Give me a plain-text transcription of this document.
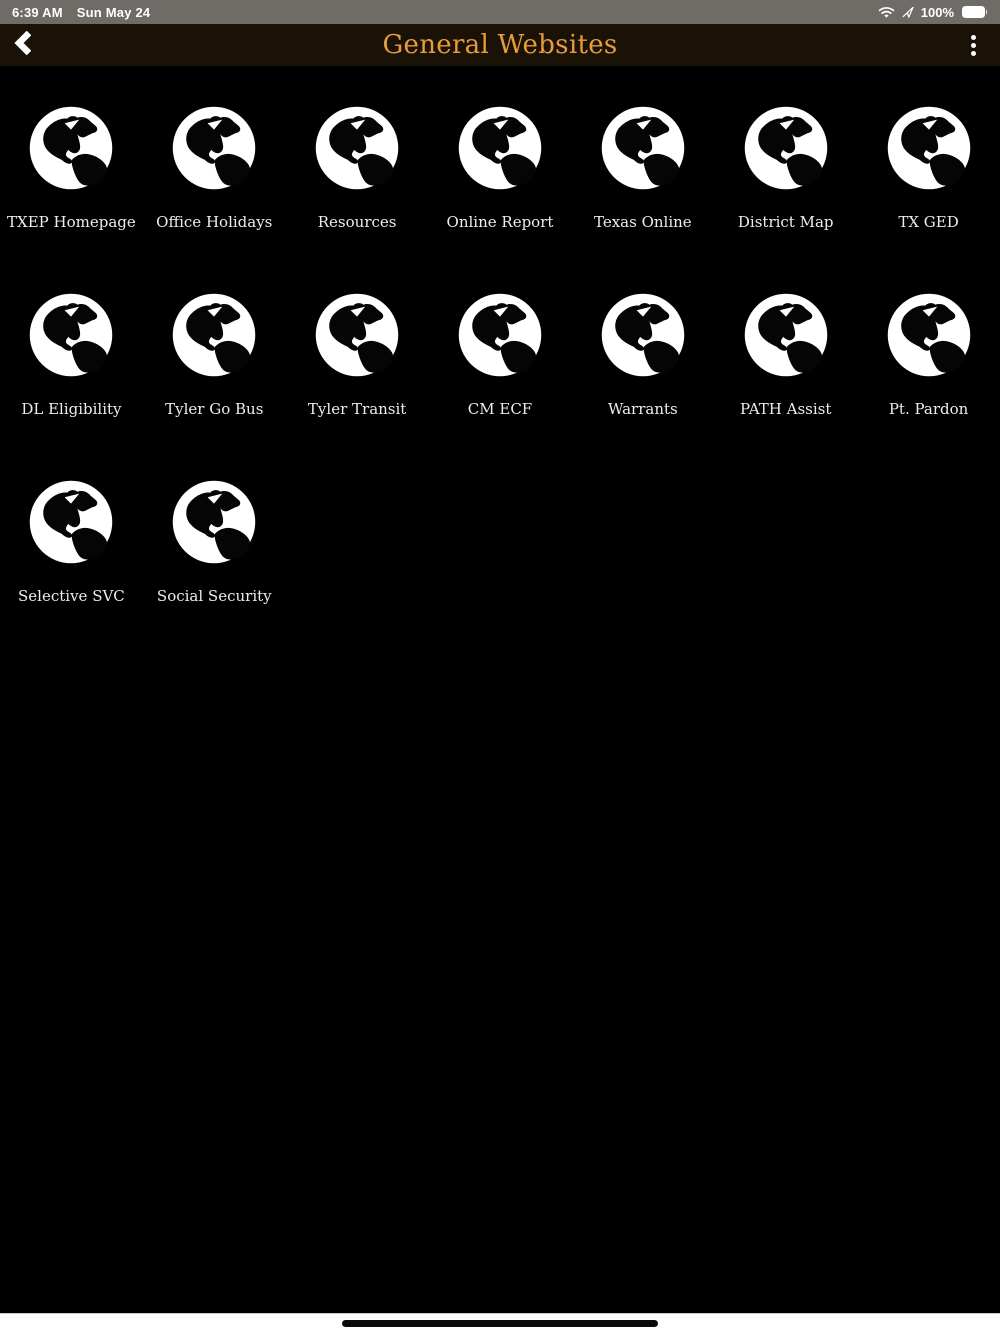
6:39 AM Sun May 24	100%
General Websites
TXEP Homepage Office Holidays	Resources	Online Report	Texas Online	District Map	TX GED
DL Eligibility	Tyler Go Bus	Tyler Transit	CM ECF	Warrants	PATH Assist	Pt. Pardon
Selective SVC Social Security
